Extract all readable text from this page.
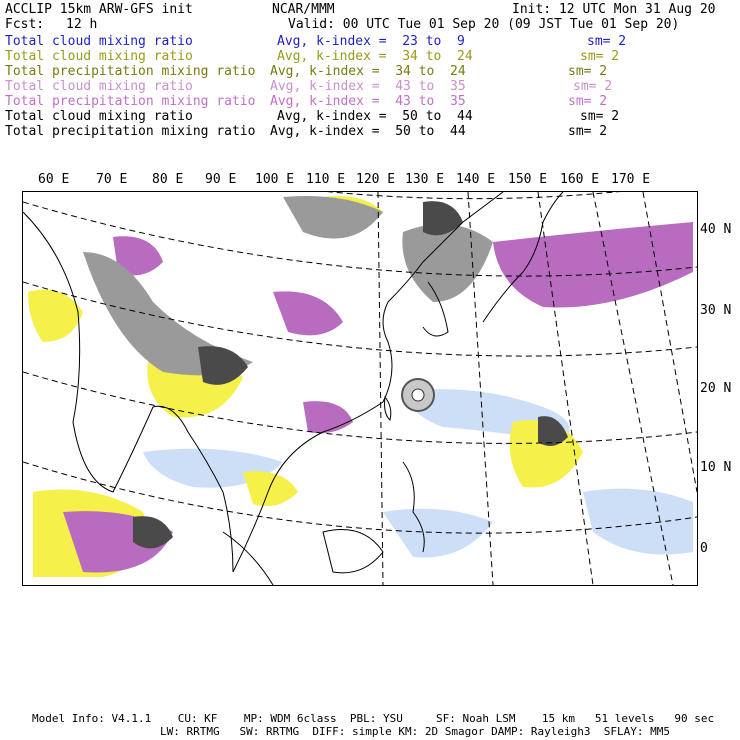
ACCLIP 15km ARW-GFS init	NCAR/MMM	Init: 12 UTC Mon 31 Aug 20
Fcst: 12 h	Valid: 00 UTC Tue 01 Sep 20 (09 JST Tue 01 Sep 20)
Total cloud mixing ratio	Avg, k-index =  23 to  9	sm= 2
Total cloud mixing ratio	Avg, k-index =  34 to  24	sm= 2
Total precipitation mixing ratio Avg, k-index =  34 to  24	sm= 2
Total cloud mixing ratio	Avg, k-index =  43 to  35	sm= 2
Total precipitation mixing ratio Avg, k-index =  43 to  35	sm= 2
Total cloud mixing ratio	Avg, k-index =  50 to  44	sm= 2
Total precipitation mixing ratio Avg, k-index =  50 to  44	sm= 2
60 E 70 E 80 E 90 E 100 E 110 E 120 E 130 E 140 E 150 E 160 E 170 E
40 N
30 N
20 N
10 N
0
Model Info: V4.1.1    CU: KF    MP: WDM 6class  PBL: YSU     SF: Noah LSM    15 km   51 levels   90 sec
LW: RRTMG   SW: RRTMG  DIFF: simple KM: 2D Smagor DAMP: Rayleigh3  SFLAY: MM5
